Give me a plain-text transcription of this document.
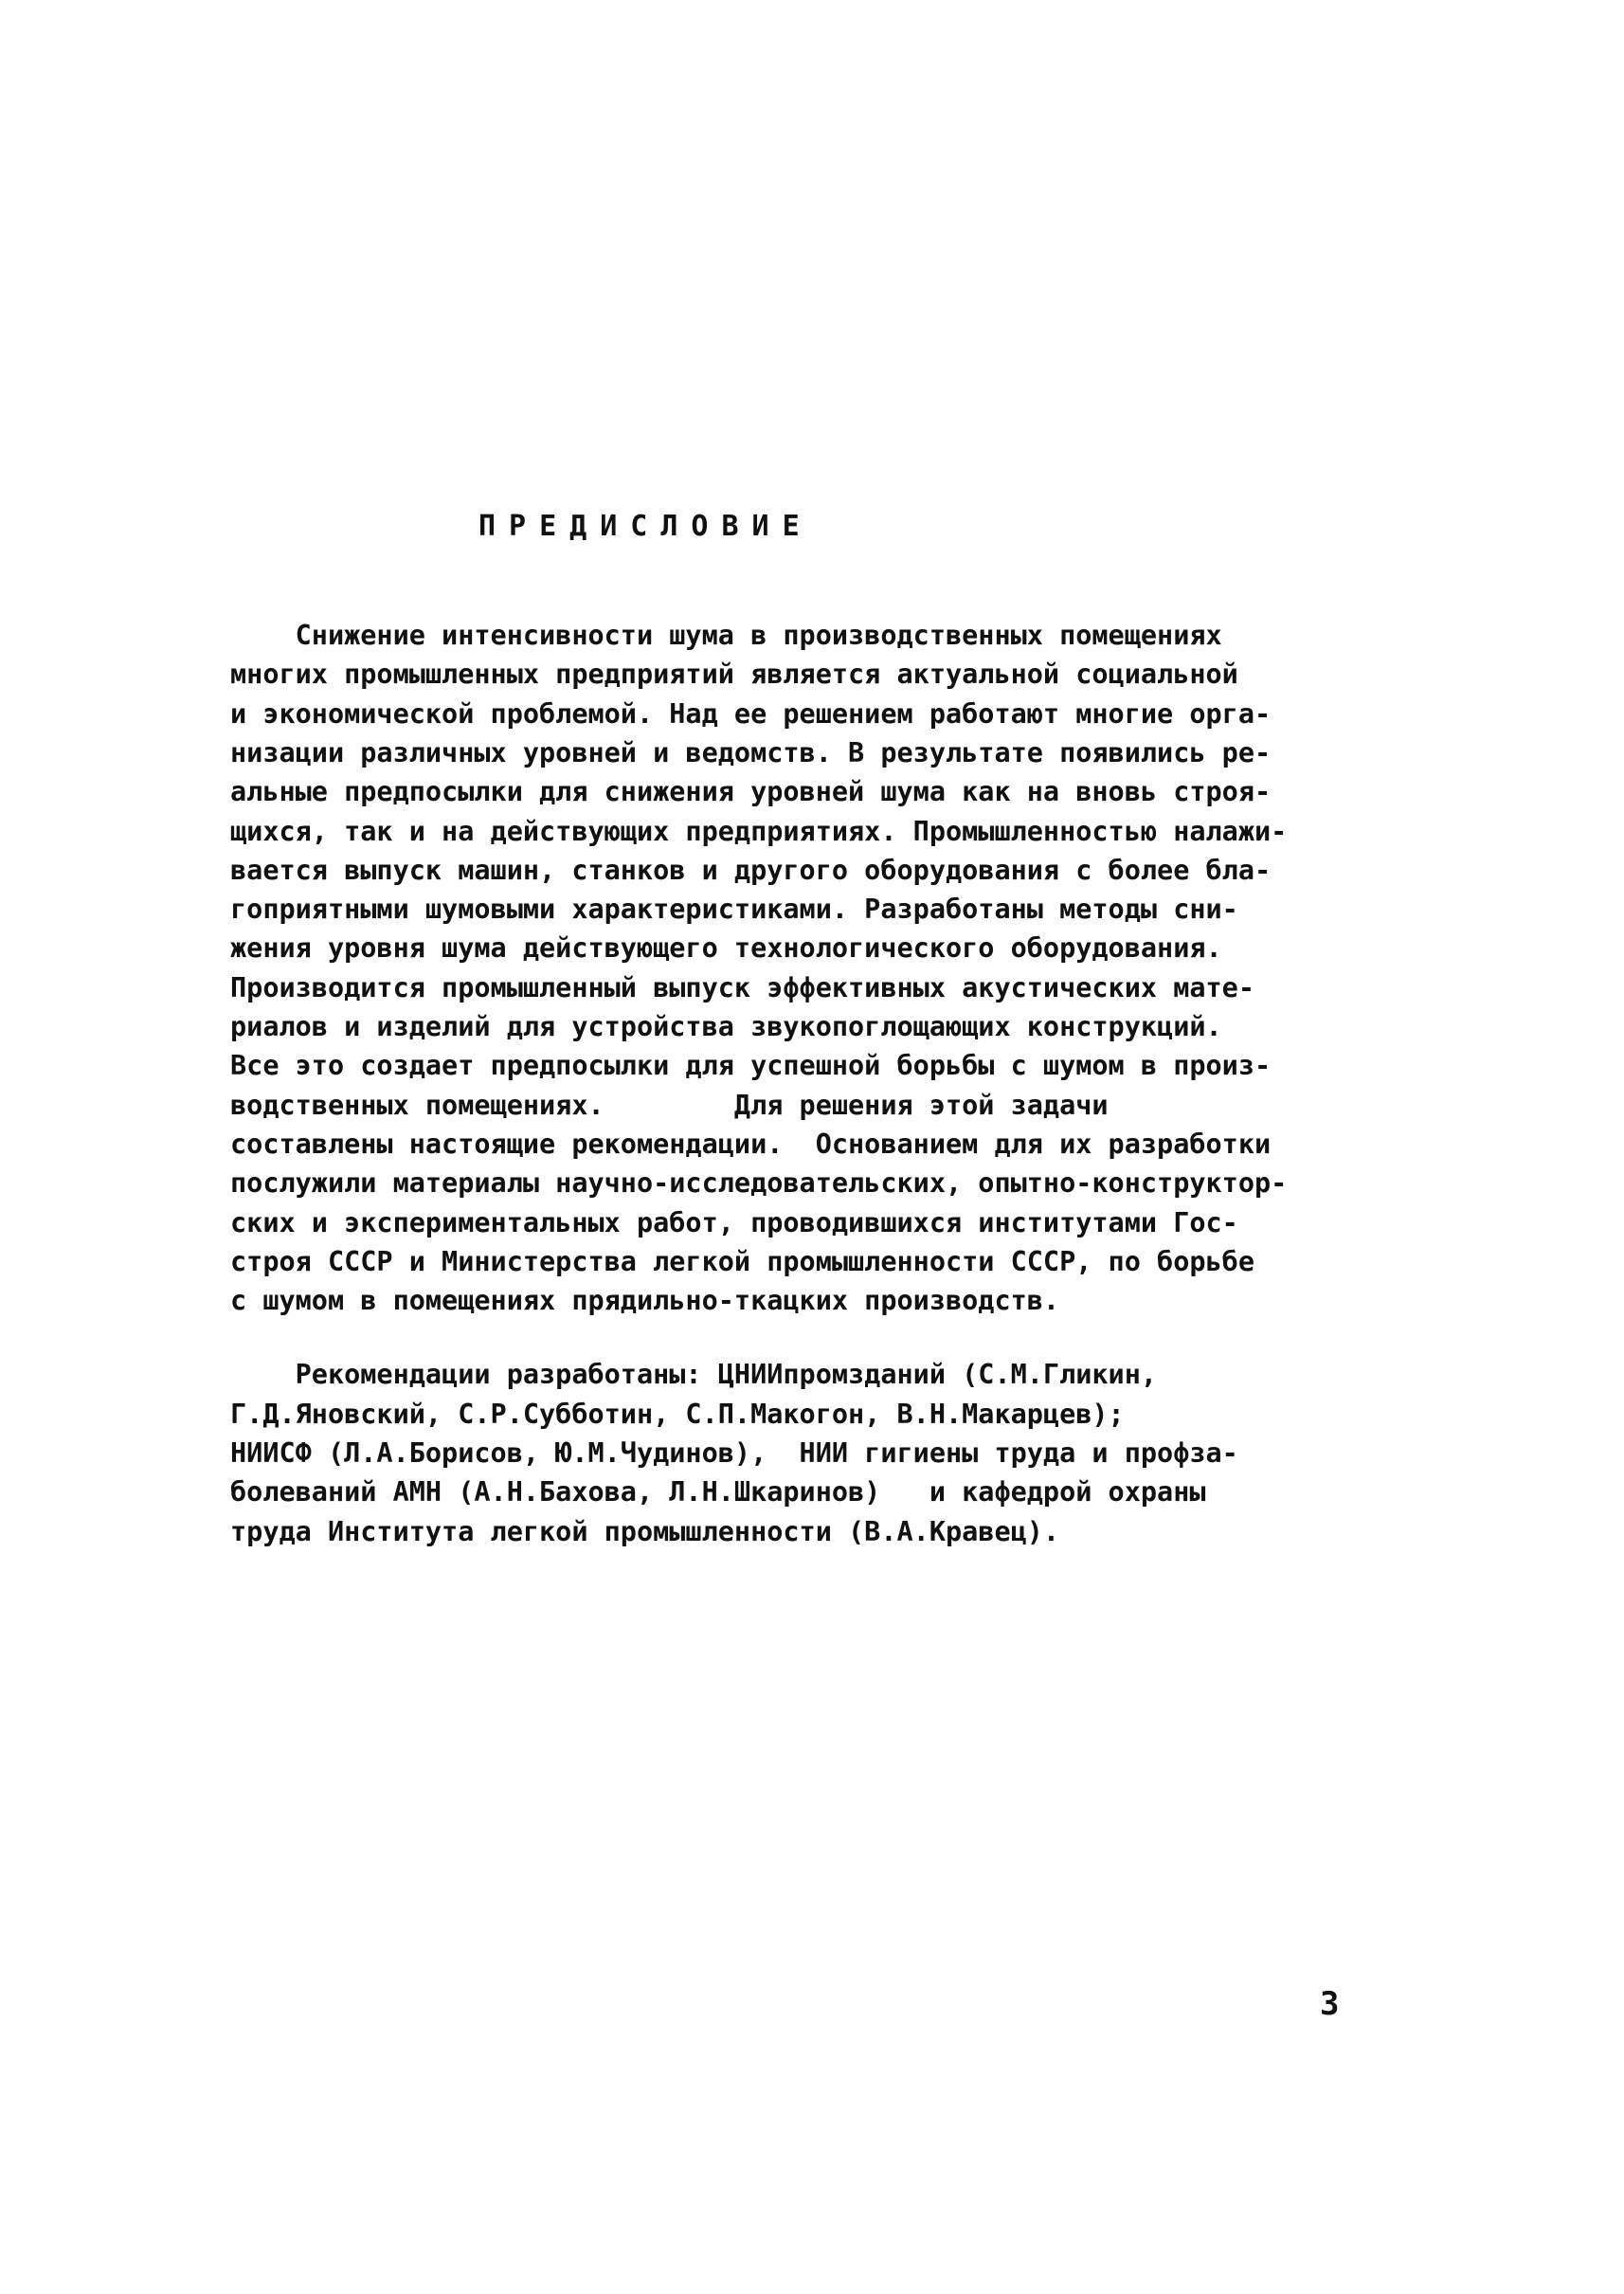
ПРЕДИСЛОВИЕ
Снижение интенсивности шума в производственных помещениях
многих промышленных предприятий является актуальной социальной
и экономической проблемой. Над ее решением работают многие орга-
низации различных уровней и ведомств. В результате появились ре-
альные предпосылки для снижения уровней шума как на вновь строя-
щихся, так и на действующих предприятиях. Промышленностью налажи-
вается выпуск машин, станков и другого оборудования с более бла-
гоприятными шумовыми характеристиками. Разработаны методы сни-
жения уровня шума действующего технологического оборудования.
Производится промышленный выпуск эффективных акустических мате-
риалов и изделий для устройства звукопоглощающих конструкций.
Все это создает предпосылки для успешной борьбы с шумом в произ-
водственных помещениях.        Для решения этой задачи
составлены настоящие рекомендации.  Основанием для их разработки
послужили материалы научно-исследовательских, опытно-конструктор-
ских и экспериментальных работ, проводившихся институтами Гос-
строя СССР и Министерства легкой промышленности СССР, по борьбе
с шумом в помещениях прядильно-ткацких производств.
Рекомендации разработаны: ЦНИИпромзданий (С.М.Гликин,
Г.Д.Яновский, С.Р.Субботин, С.П.Макогон, В.Н.Макарцев);
НИИСФ (Л.А.Борисов, Ю.М.Чудинов),  НИИ гигиены труда и профза-
болеваний АМН (А.Н.Бахова, Л.Н.Шкаринов)   и кафедрой охраны
труда Института легкой промышленности (В.А.Кравец).
3
